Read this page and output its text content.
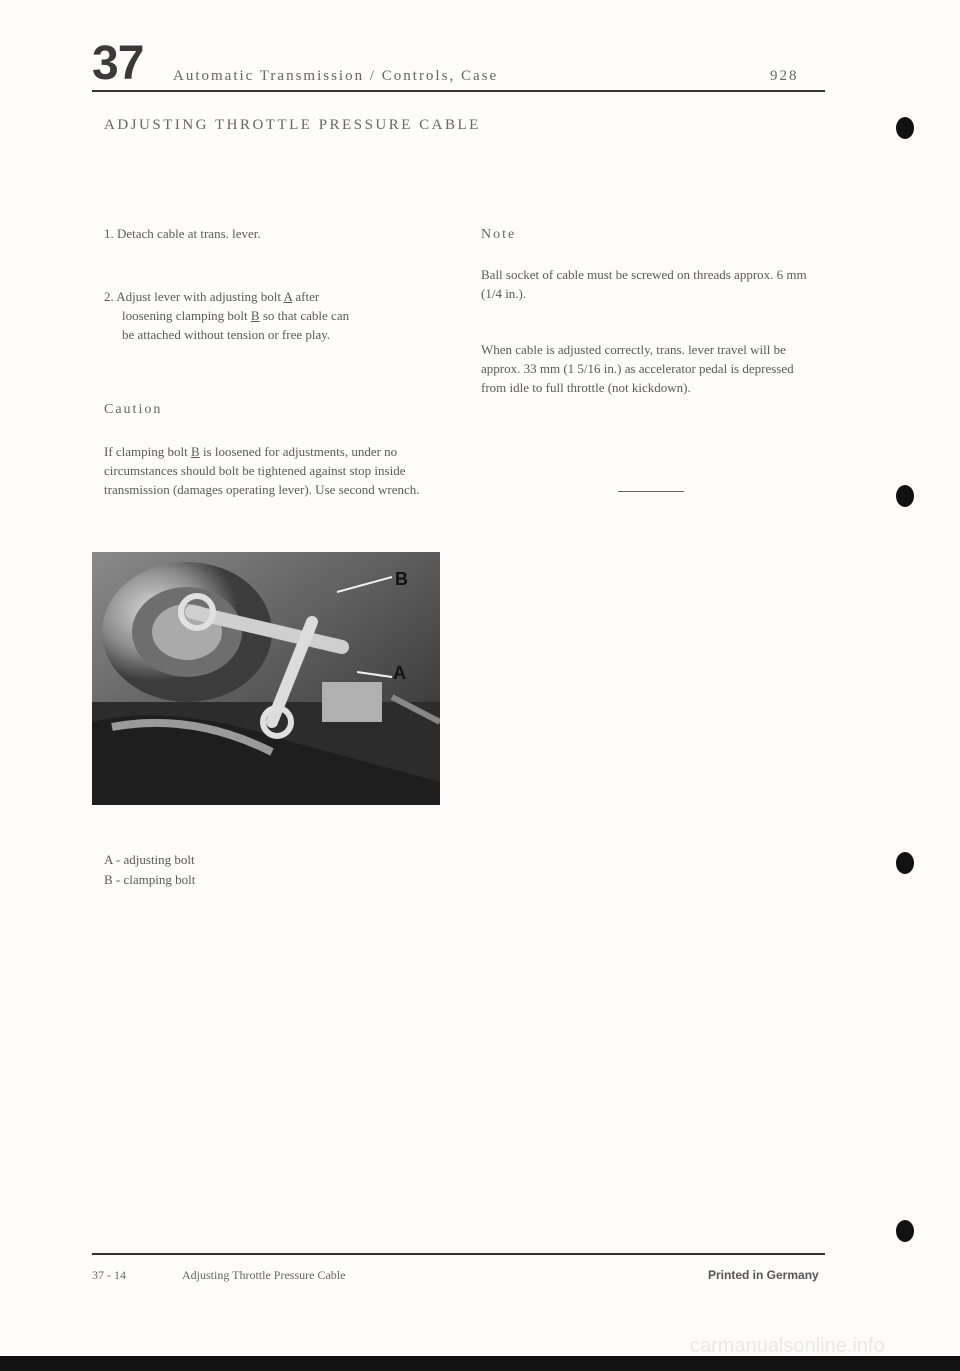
37 Automatic Transmission / Controls, Case	928
ADJUSTING THROTTLE PRESSURE CABLE
1. Detach cable at trans. lever.
2. Adjust lever with adjusting bolt A after
loosening clamping bolt B so that cable can
be attached without tension or free play.
Caution
If clamping bolt B is loosened for adjustments, under no circumstances should bolt be tightened against stop inside transmission (damages operating lever). Use second wrench.
Note
Ball socket of cable must be screwed on threads approx. 6 mm (1/4 in.).
When cable is adjusted correctly, trans. lever travel will be approx. 33 mm (1 5/16 in.) as accelerator pedal is depressed from idle to full throttle (not kickdown).
B
A
A - adjusting bolt
B - clamping bolt
37 - 14	Adjusting Throttle Pressure Cable	Printed in Germany
carmanualsonline.info
